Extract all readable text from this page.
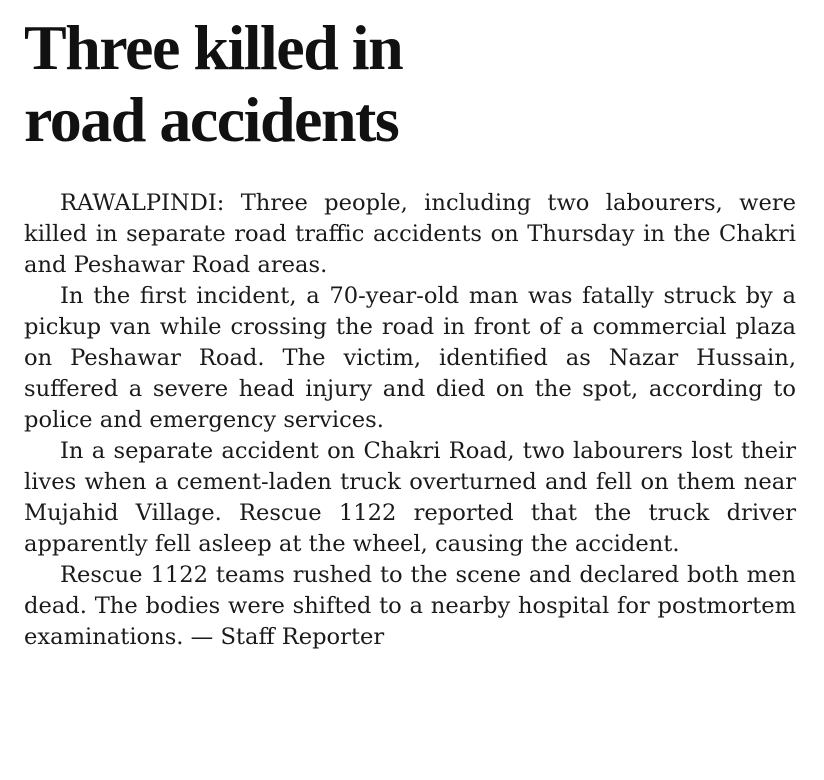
Three killed in
road accidents

RAWALPINDI: Three people, including two labourers, were killed in separate road traffic accidents on Thursday in the Chakri and Peshawar Road areas.

In the first incident, a 70-year-old man was fatally struck by a pickup van while crossing the road in front of a commercial plaza on Peshawar Road. The victim, identified as Nazar Hussain, suffered a severe head injury and died on the spot, according to police and emergency services.

In a separate accident on Chakri Road, two labourers lost their lives when a cement-laden truck overturned and fell on them near Mujahid Village. Rescue 1122 reported that the truck driver apparently fell asleep at the wheel, causing the accident.

Rescue 1122 teams rushed to the scene and declared both men dead. The bodies were shifted to a nearby hospital for postmortem examinations. — Staff Reporter
